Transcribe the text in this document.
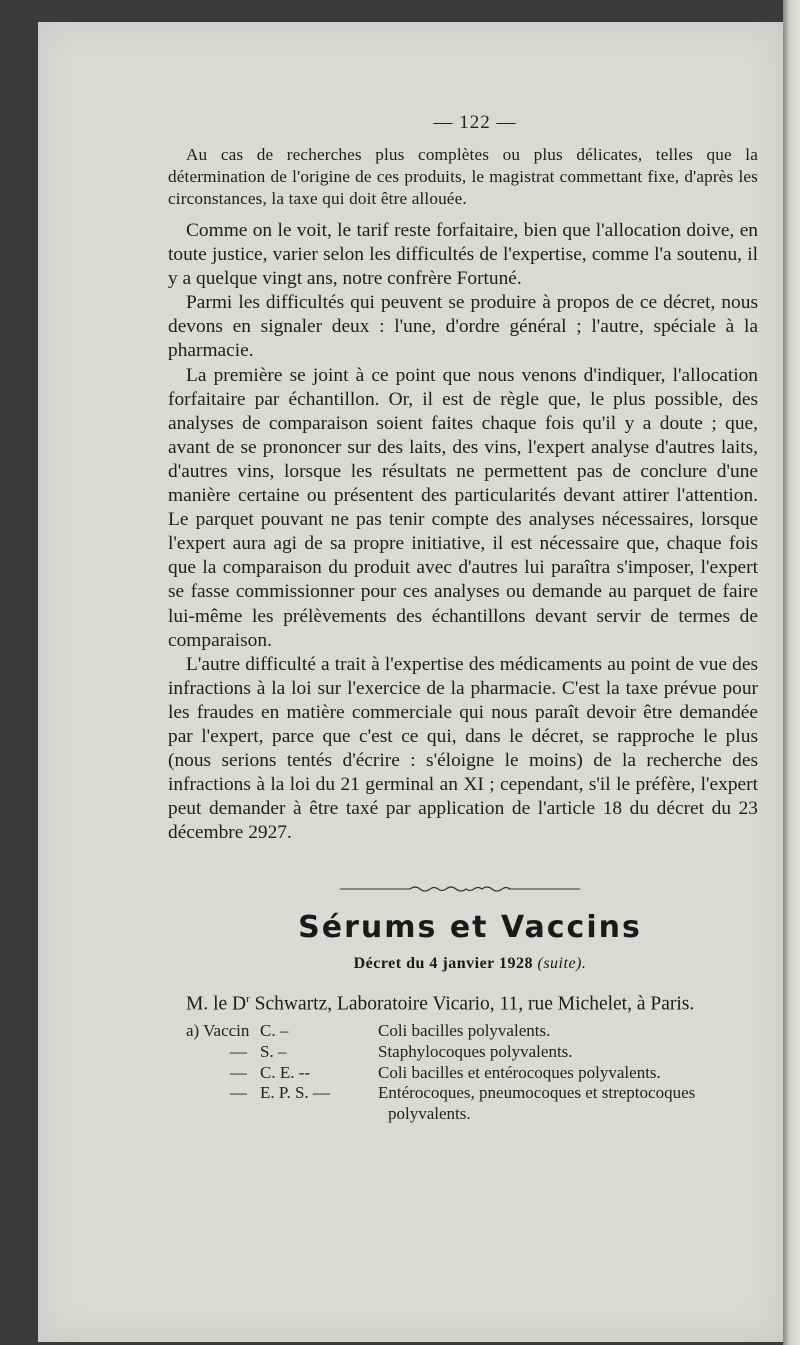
— 122 —

Au cas de recherches plus complètes ou plus délicates, telles que la détermination de l'origine de ces produits, le magistrat commettant fixe, d'après les circonstances, la taxe qui doit être allouée.

Comme on le voit, le tarif reste forfaitaire, bien que l'allocation doive, en toute justice, varier selon les difficultés de l'expertise, comme l'a soutenu, il y a quelque vingt ans, notre confrère Fortuné.

Parmi les difficultés qui peuvent se produire à propos de ce décret, nous devons en signaler deux : l'une, d'ordre général ; l'autre, spéciale à la pharmacie.

La première se joint à ce point que nous venons d'indiquer, l'allocation forfaitaire par échantillon. Or, il est de règle que, le plus possible, des analyses de comparaison soient faites chaque fois qu'il y a doute ; que, avant de se prononcer sur des laits, des vins, l'expert analyse d'autres laits, d'autres vins, lorsque les résultats ne permettent pas de conclure d'une manière certaine ou présentent des particularités devant attirer l'attention. Le parquet pouvant ne pas tenir compte des analyses nécessaires, lorsque l'expert aura agi de sa propre initiative, il est nécessaire que, chaque fois que la comparaison du produit avec d'autres lui paraîtra s'imposer, l'expert se fasse commissionner pour ces analyses ou demande au parquet de faire lui-même les prélèvements des échantillons devant servir de termes de comparaison.

L'autre difficulté a trait à l'expertise des médicaments au point de vue des infractions à la loi sur l'exercice de la pharmacie. C'est la taxe prévue pour les fraudes en matière commerciale qui nous paraît devoir être demandée par l'expert, parce que c'est ce qui, dans le décret, se rapproche le plus (nous serions tentés d'écrire : s'éloigne le moins) de la recherche des infractions à la loi du 21 germinal an XI ; cependant, s'il le préfère, l'expert peut demander à être taxé par application de l'article 18 du décret du 23 décembre 2927.

Sérums et Vaccins
Décret du 4 janvier 1928 (suite).
M. le $D^r$ Schwartz, Laboratoire Vicario, 11, rue Michelet, à Paris.
a) Vaccin C. –	Coli bacilles polyvalents.
— S. –	Staphylocoques polyvalents.
— C. E. --	Coli bacilles et entérocoques polyvalents.
— E. P. S. —	Entérocoques, pneumocoques et streptocoques
polyvalents.
